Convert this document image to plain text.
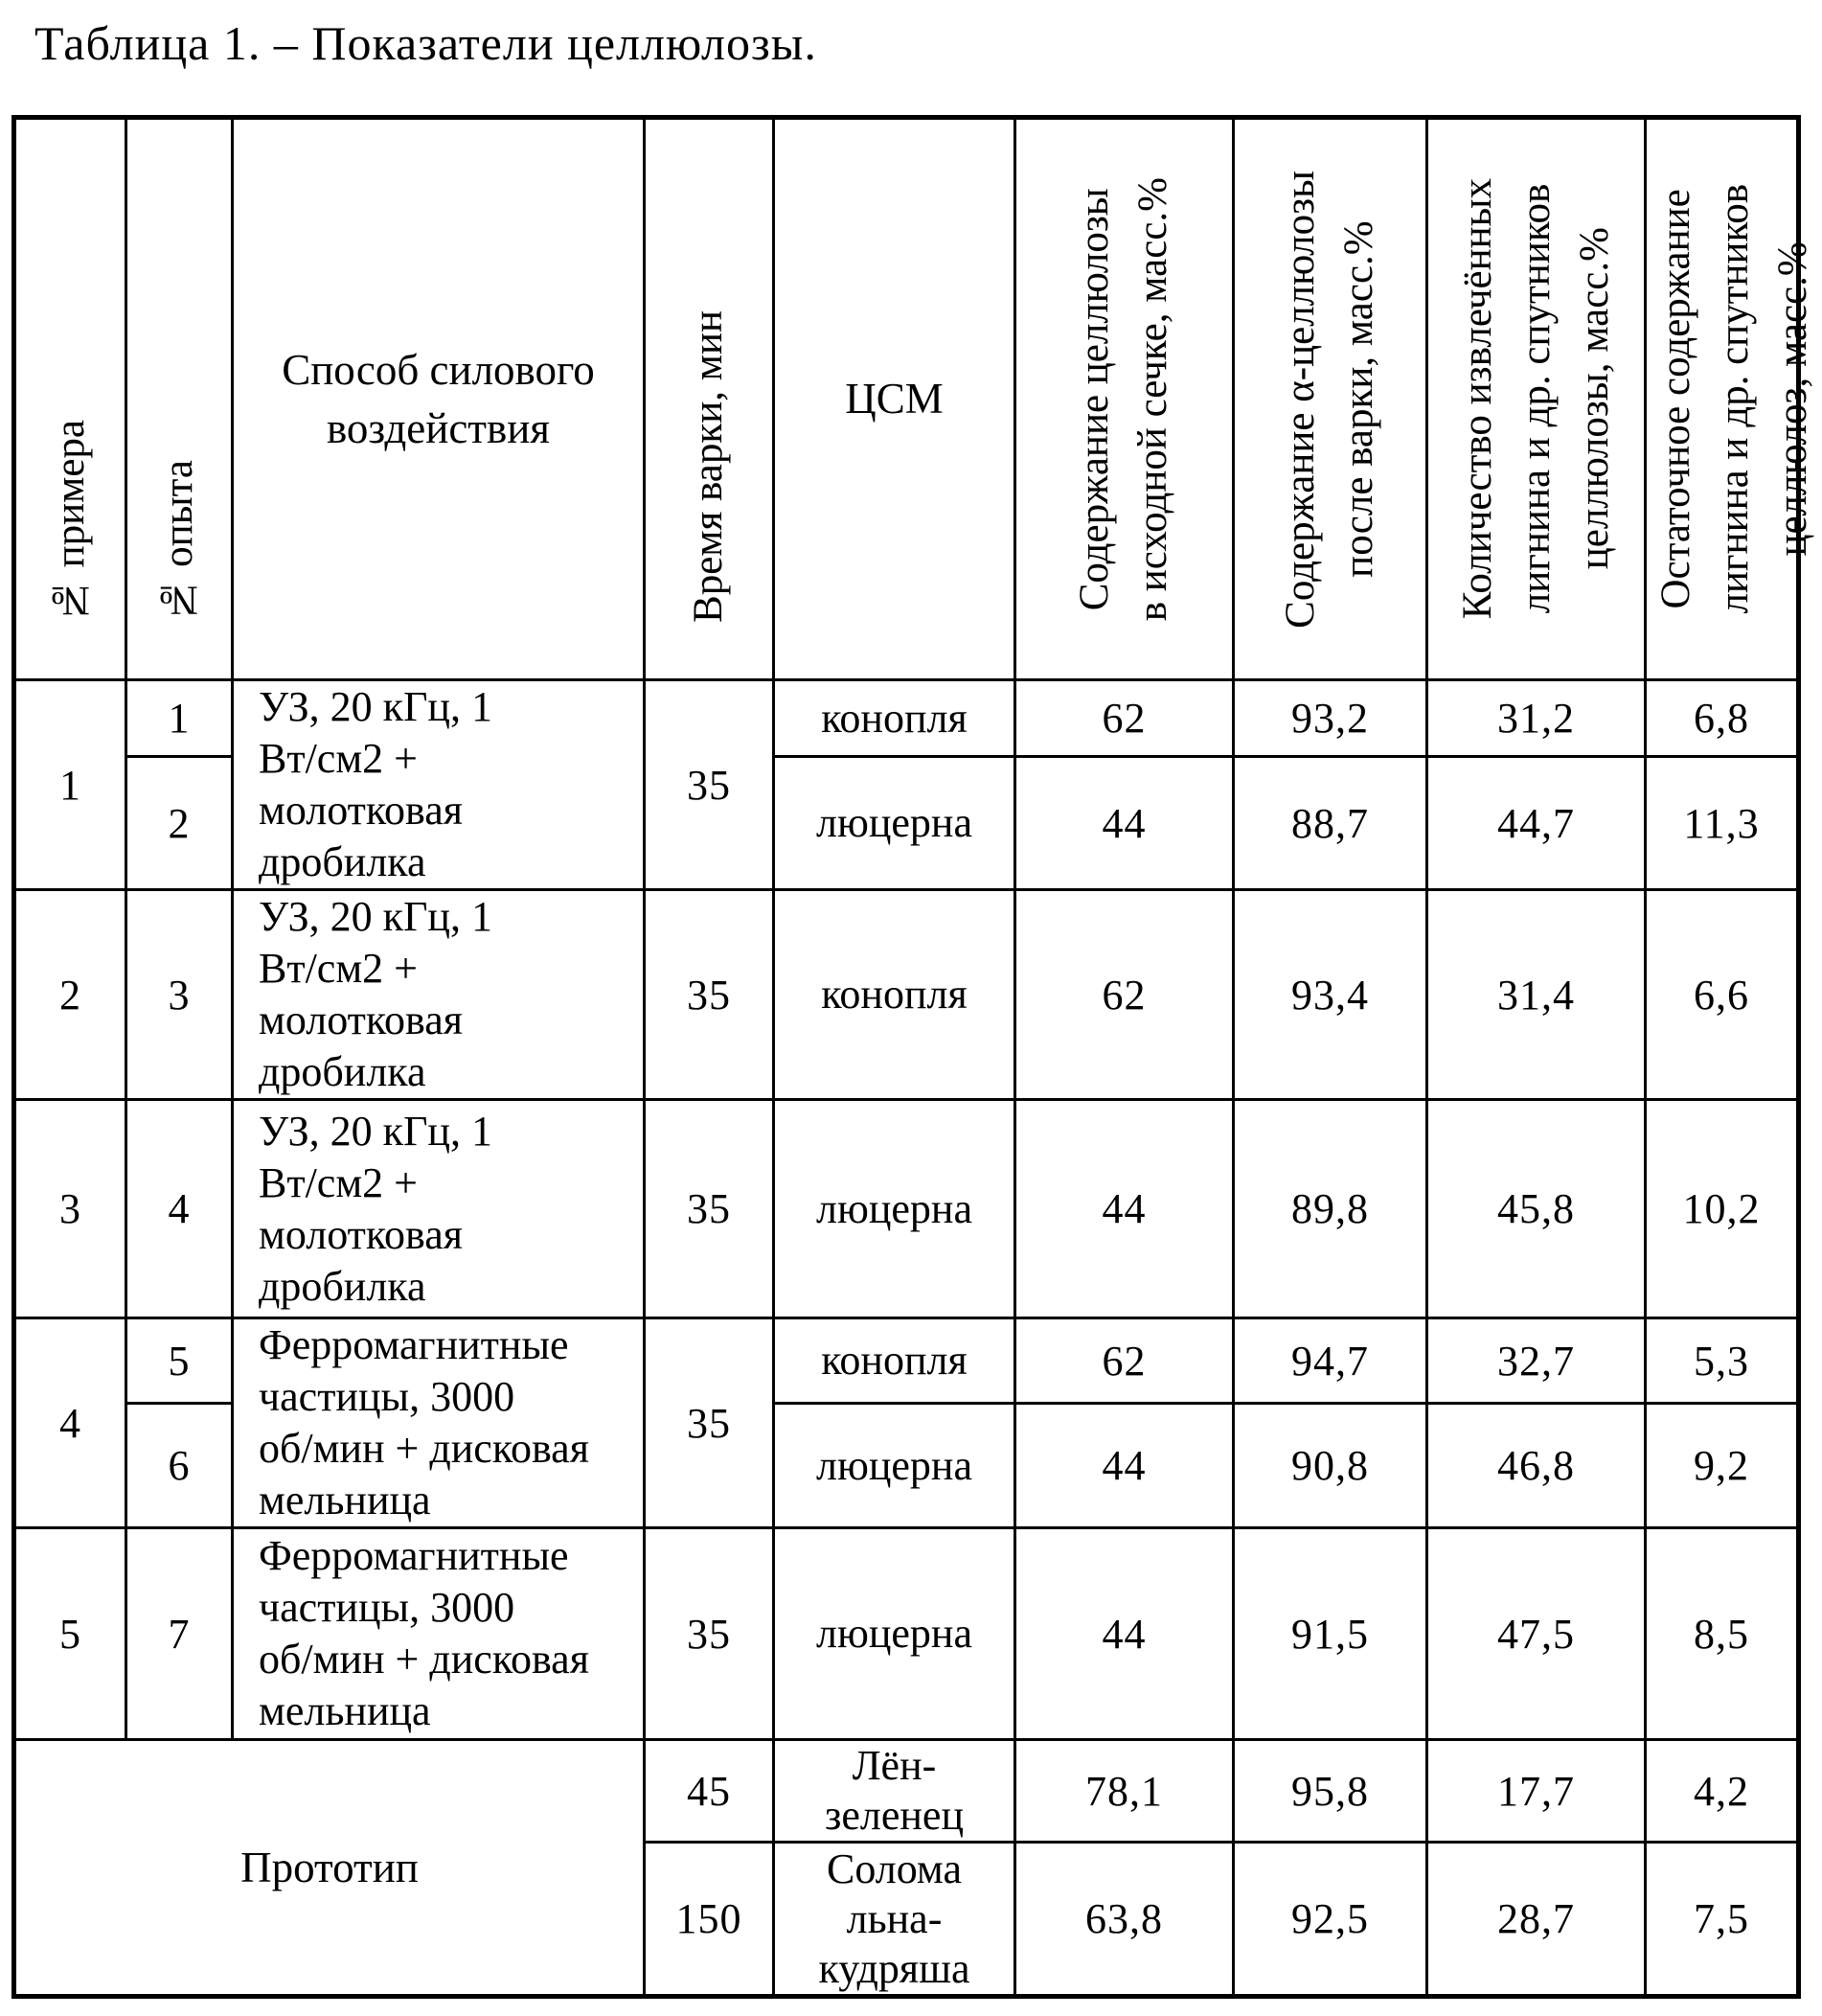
Таблица 1. – Показатели целлюлозы.
№ примера	№ опыта	Способ силового
воздействия	Время варки, мин	ЦСМ	Содержание целлюлозы
в исходной сечке, масс.%	Содержание α-целлюлозы
после варки, масс.%	Количество извлечённых
лигнина и др. спутников
целлюлозы, масс.%	Остаточное содержание
лигнина и др. спутников
целлюлоз, масс.%

1	1	УЗ, 20 кГц, 1
Вт/см2 +
молотковая
дробилка	35	конопля	62	93,2	31,2	6,8
	2			люцерна	44	88,7	44,7	11,3
2	3	УЗ, 20 кГц, 1
Вт/см2 +
молотковая
дробилка	35	конопля	62	93,4	31,4	6,6
3	4	УЗ, 20 кГц, 1
Вт/см2 +
молотковая
дробилка	35	люцерна	44	89,8	45,8	10,2
4	5	Ферромагнитные
частицы, 3000
об/мин + дисковая
мельница	35	конопля	62	94,7	32,7	5,3
	6			люцерна	44	90,8	46,8	9,2
5	7	Ферромагнитные
частицы, 3000
об/мин + дисковая
мельница	35	люцерна	44	91,5	47,5	8,5
Прототип			45	Лён-
зеленец	78,1	95,8	17,7	4,2
			150	Солома
льна-
кудряша	63,8	92,5	28,7	7,5
